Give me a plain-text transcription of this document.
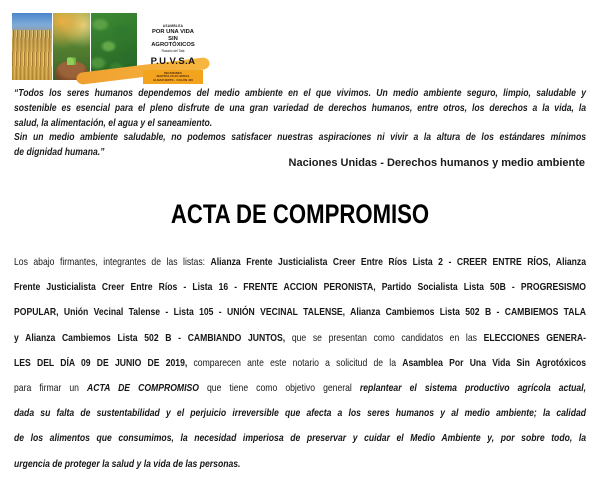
ASAMBLEA
POR UNA VIDA
SIN
AGROTÓXICOS
Rosario del Tala
P.U.V.S.A
REUNIONES
MARTES 20.30 HORAS
ALMAFUERTE - COLON 420
“Todos los seres humanos dependemos del medio ambiente en el que vivimos. Un medio ambiente seguro, limpio, saludable y
sostenible es esencial para el pleno disfrute de una gran variedad de derechos humanos, entre otros, los derechos a la vida, la
salud, la alimentación, el agua y el saneamiento.
Sin un medio ambiente saludable, no podemos satisfacer nuestras aspiraciones ni vivir a la altura de los estándares mínimos
de dignidad humana.”
Naciones Unidas - Derechos humanos y medio ambiente
ACTA DE COMPROMISO
Los abajo firmantes, integrantes de las listas: Alianza Frente Justicialista Creer Entre Ríos Lista 2 - CREER ENTRE RÍOS, Alianza
Frente Justicialista Creer Entre Ríos - Lista 16 - FRENTE ACCION PERONISTA, Partido Socialista Lista 50B - PROGRESISMO
POPULAR, Unión Vecinal Talense - Lista 105 - UNIÓN VECINAL TALENSE, Alianza Cambiemos Lista 502 B - CAMBIEMOS TALA
y Alianza Cambiemos Lista 502 B - CAMBIANDO JUNTOS, que se presentan como candidatos en las ELECCIONES GENERA-
LES DEL DÍA 09 DE JUNIO DE 2019, comparecen ante este notario a solicitud de la Asamblea Por Una Vida Sin Agrotóxicos
para firmar un ACTA DE COMPROMISO que tiene como objetivo general replantear el sistema productivo agrícola actual,
dada su falta de sustentabilidad y el perjuicio irreversible que afecta a los seres humanos y al medio ambiente; la calidad
de los alimentos que consumimos, la necesidad imperiosa de preservar y cuidar el Medio Ambiente y, por sobre todo, la
urgencia de proteger la salud y la vida de las personas.
